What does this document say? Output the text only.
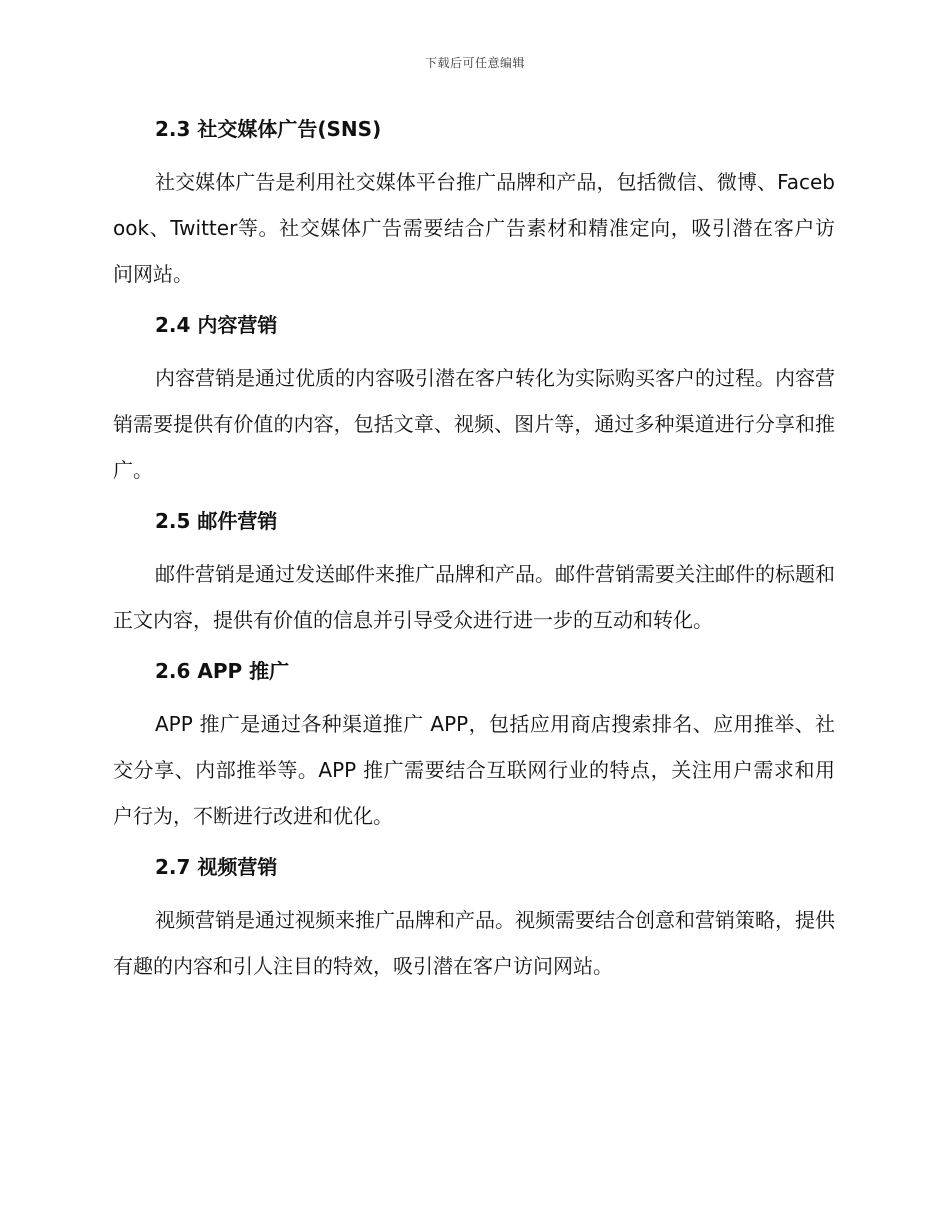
下载后可任意编辑
2.3 社交媒体广告(SNS)

社交媒体广告是利用社交媒体平台推广品牌和产品，包括微信、微博、Facebook、Twitter等。社交媒体广告需要结合广告素材和精准定向，吸引潜在客户访问网站。

2.4 内容营销

内容营销是通过优质的内容吸引潜在客户转化为实际购买客户的过程。内容营销需要提供有价值的内容，包括文章、视频、图片等，通过多种渠道进行分享和推广。

2.5 邮件营销

邮件营销是通过发送邮件来推广品牌和产品。邮件营销需要关注邮件的标题和正文内容，提供有价值的信息并引导受众进行进一步的互动和转化。

2.6 APP 推广

APP 推广是通过各种渠道推广 APP，包括应用商店搜索排名、应用推举、社交分享、内部推举等。APP 推广需要结合互联网行业的特点，关注用户需求和用户行为，不断进行改进和优化。

2.7 视频营销

视频营销是通过视频来推广品牌和产品。视频需要结合创意和营销策略，提供有趣的内容和引人注目的特效，吸引潜在客户访问网站。
